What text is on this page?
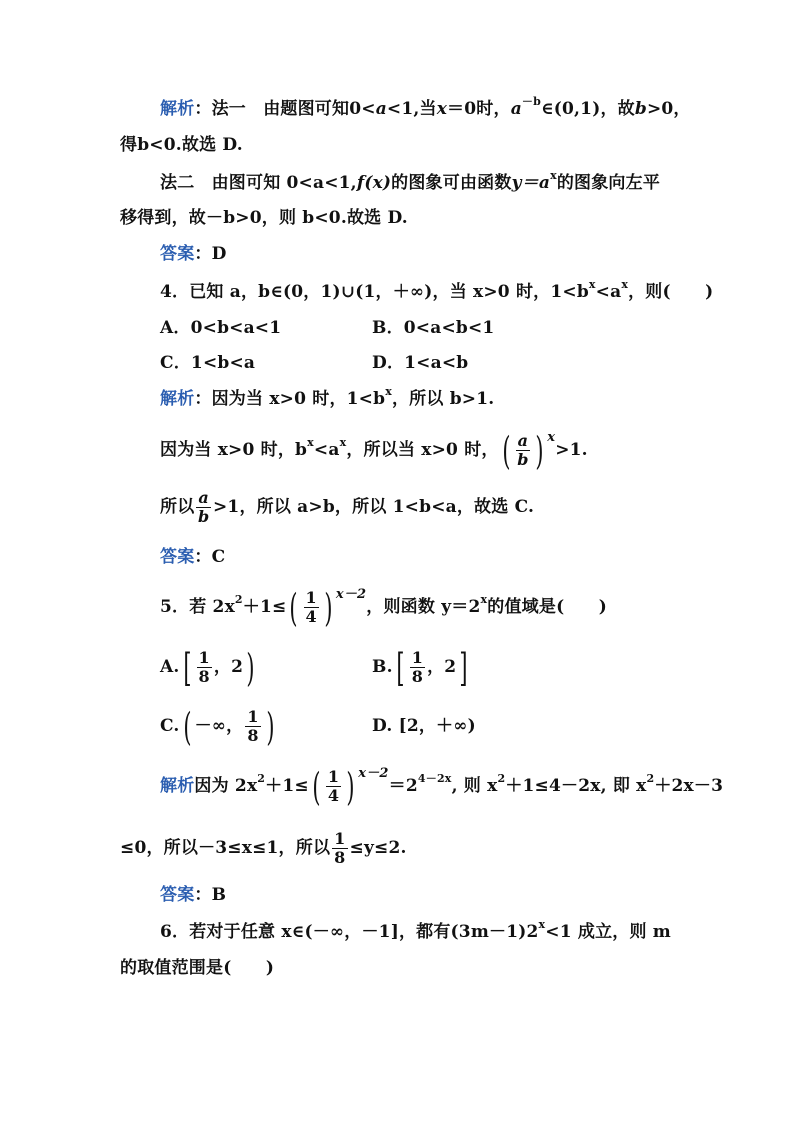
解析：法一　由题图可知0<a<1,当x＝0时，$a^{-b}\in(0,1)$，故b>0，
得b<0.故选 D.
法二　由图可知 0<a<1,f(x)的图象可由函数$y=a^x$的图象向左平
移得到，故－b>0，则 b<0.故选 D.
答案：D
4．已知 a，b∈(0，1)∪(1，＋∞)，当 x>0 时，$1<b^x<a^x$，则(　　)
A．0<b<a<1	B．0<a<b<1
C．1<b<a	D．1<a<b
解析：因为当 x>0 时，$1<b^x$，所以 b>1.
因为当 x>0 时，$b^x<a^x$，所以当 x>0 时，( $\frac{a}{b}$ ) $^x$>1.
所以 $\frac{a}{b} >1$，所以 a>b，所以 1<b<a，故选 C.
答案：C
5．若 $2x^2+1\le( \frac{1}{4}$ ) $^{x-2}$，则函数 $y=2^x$的值域是(　　)
$A.[ \frac{1}{8}$ ，2)	$B.[ \frac{1}{8}$ ，2]
C.( －∞， $\frac{1}{8}$ )	D. [2，＋∞)
解析因为 $2x^2+1\le( \frac{1}{4}$ ) $^{x-2}=2^{4-2x}$, 则 $x^2+1\le 4-2x$, 即 $x^2+2x-3$
≤0，所以－3≤x≤1，所以 $\frac{1}{8} \le y\le 2$.
答案：B
6．若对于任意 x∈(－∞，－1]，都有$(3m-1)2^x<1$ 成立，则 m
的取值范围是(　　)
